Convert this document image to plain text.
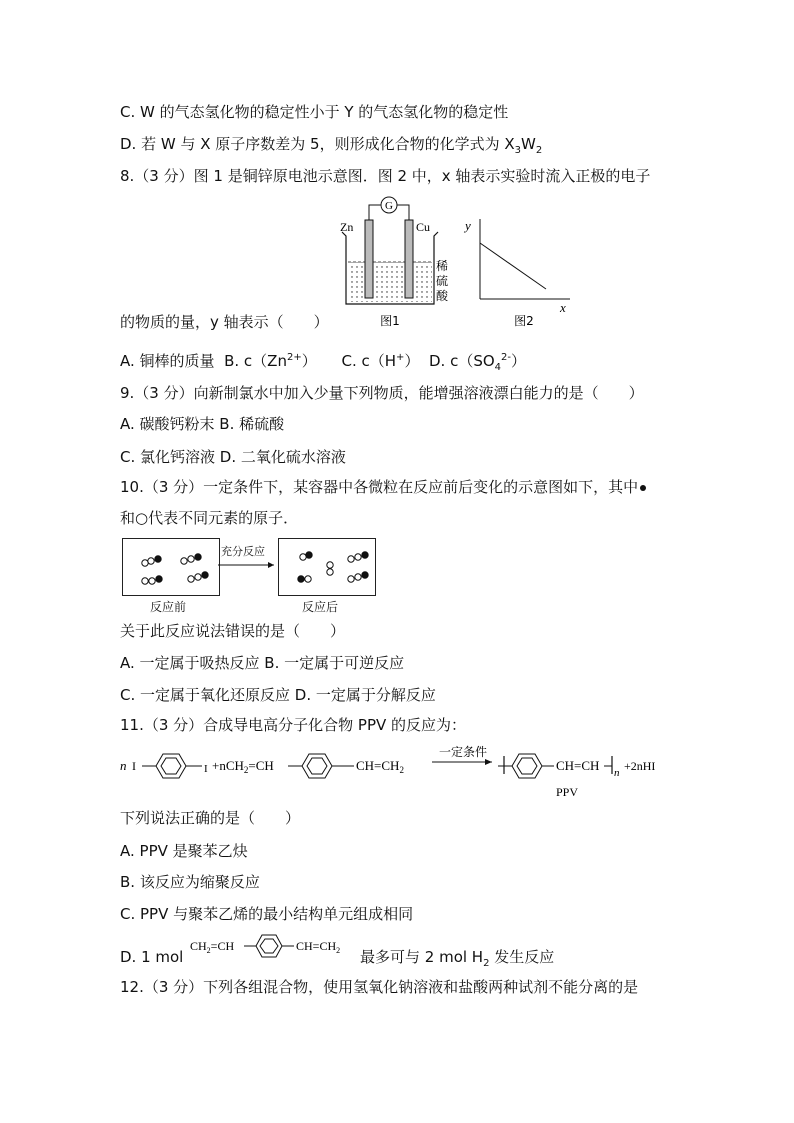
C. W 的气态氢化物的稳定性小于 Y 的气态氢化物的稳定性
D. 若 W 与 X 原子序数差为 5，则形成化合物的化学式为 $X_3W_2$
8.（3 分）图 1 是铜锌原电池示意图．图 2 中，x 轴表示实验时流入正极的电子
G
Zn	Cu
稀
硫
酸
图1
y
x
图2
的物质的量，y 轴表示（　　）
A. 铜棒的质量 B. $c(Zn^{2+})$ C. c（H+） D. $c(SO_4^{2-})$
9.（3 分）向新制氯水中加入少量下列物质，能增强溶液漂白能力的是（　　）
A. 碳酸钙粉末 B. 稀硫酸
C. 氯化钙溶液 D. 二氧化硫水溶液
10.（3 分）一定条件下，某容器中各微粒在反应前后变化的示意图如下，其中
和○代表不同元素的原子．
充分反应
反应前	反应后
关于此反应说法错误的是（　　）
A. 一定属于吸热反应 B. 一定属于可逆反应
C. 一定属于氧化还原反应 D. 一定属于分解反应
11.（3 分）合成导电高分子化合物 PPV 的反应为：
n I	I +nCH$_2$=CH	$CH=CH_2$
一定条件
CH=CH n +2nHI
PPV
下列说法正确的是（　　）
A. PPV 是聚苯乙炔
B. 该反应为缩聚反应
C. PPV 与聚苯乙烯的最小结构单元组成相同
D. 1 mol
$CH_2=CH$	$CH=CH_2$ 最多可与 2 mol $H_2$ 发生反应
12.（3 分）下列各组混合物，使用氢氧化钠溶液和盐酸两种试剂不能分离的是
